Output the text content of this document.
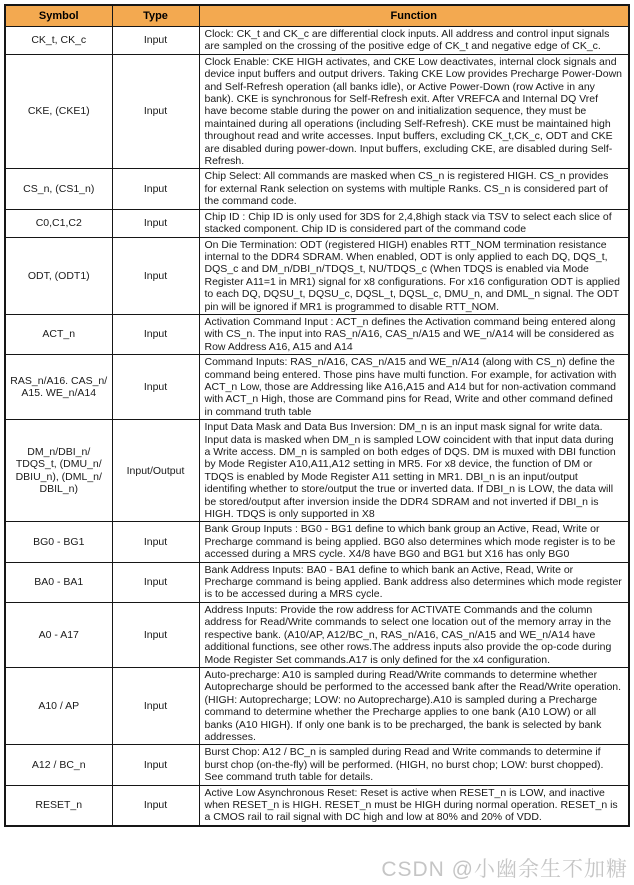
Symbol	Type	Function
CK_t, CK_c	Input	Clock: CK_t and CK_c are differential clock inputs. All address and control input signals are sampled on the crossing of the positive edge of CK_t and negative edge of CK_c.
CKE, (CKE1)	Input	Clock Enable: CKE HIGH activates, and CKE Low deactivates, internal clock signals and device input buffers and output drivers. Taking CKE Low provides Precharge Power-Down and Self-Refresh operation (all banks idle), or Active Power-Down (row Active in any bank). CKE is synchronous for Self-Refresh exit. After VREFCA and Internal DQ Vref have become stable during the power on and initialization sequence, they must be maintained during all operations (including Self-Refresh). CKE must be maintained high throughout read and write accesses. Input buffers, excluding CK_t,CK_c, ODT and CKE are disabled during power-down. Input buffers, excluding CKE, are disabled during Self-Refresh.
CS_n, (CS1_n)	Input	Chip Select: All commands are masked when CS_n is registered HIGH. CS_n provides for external Rank selection on systems with multiple Ranks. CS_n is considered part of the command code.
C0,C1,C2	Input	Chip ID : Chip ID is only used for 3DS for 2,4,8high stack via TSV to select each slice of stacked component. Chip ID is considered part of the command code
ODT, (ODT1)	Input	On Die Termination: ODT (registered HIGH) enables RTT_NOM termination resistance internal to the DDR4 SDRAM. When enabled, ODT is only applied to each DQ, DQS_t, DQS_c and DM_n/DBI_n/TDQS_t, NU/TDQS_c (When TDQS is enabled via Mode Register A11=1 in MR1) signal for x8 configurations. For x16 configuration ODT is applied to each DQ, DQSU_t, DQSU_c, DQSL_t, DQSL_c, DMU_n, and DML_n signal. The ODT pin will be ignored if MR1 is programmed to disable RTT_NOM.
ACT_n	Input	Activation Command Input : ACT_n defines the Activation command being entered along with CS_n. The input into RAS_n/A16, CAS_n/A15 and WE_n/A14 will be considered as Row Address A16, A15 and A14
RAS_n/A16. CAS_n/ A15. WE_n/A14	Input	Command Inputs: RAS_n/A16, CAS_n/A15 and WE_n/A14 (along with CS_n) define the command being entered. Those pins have multi function. For example, for activation with ACT_n Low, those are Addressing like A16,A15 and A14 but for non-activation command with ACT_n High, those are Command pins for Read, Write and other command defined in command truth table
DM_n/DBI_n/ TDQS_t, (DMU_n/ DBIU_n), (DML_n/ DBIL_n)	Input/Output	Input Data Mask and Data Bus Inversion: DM_n is an input mask signal for write data. Input data is masked when DM_n is sampled LOW coincident with that input data during a Write access. DM_n is sampled on both edges of DQS. DM is muxed with DBI function by Mode Register A10,A11,A12 setting in MR5. For x8 device, the function of DM or TDQS is enabled by Mode Register A11 setting in MR1. DBI_n is an input/output identifing whether to store/output the true or inverted data. If DBI_n is LOW, the data will be stored/output after inversion inside the DDR4 SDRAM and not inverted if DBI_n is HIGH. TDQS is only supported in X8
BG0 - BG1	Input	Bank Group Inputs : BG0 - BG1 define to which bank group an Active, Read, Write or Precharge command is being applied. BG0 also determines which mode register is to be accessed during a MRS cycle. X4/8 have BG0 and BG1 but X16 has only BG0
BA0 - BA1	Input	Bank Address Inputs: BA0 - BA1 define to which bank an Active, Read, Write or Precharge command is being applied. Bank address also determines which mode register is to be accessed during a MRS cycle.
A0 - A17	Input	Address Inputs: Provide the row address for ACTIVATE Commands and the column address for Read/Write commands to select one location out of the memory array in the respective bank. (A10/AP, A12/BC_n, RAS_n/A16, CAS_n/A15 and WE_n/A14 have additional functions, see other rows.The address inputs also provide the op-code during Mode Register Set commands.A17 is only defined for the x4 configuration.
A10 / AP	Input	Auto-precharge: A10 is sampled during Read/Write commands to determine whether Autoprecharge should be performed to the accessed bank after the Read/Write operation. (HIGH: Autoprecharge; LOW: no Autoprecharge).A10 is sampled during a Precharge command to determine whether the Precharge applies to one bank (A10 LOW) or all banks (A10 HIGH). If only one bank is to be precharged, the bank is selected by bank addresses.
A12 / BC_n	Input	Burst Chop: A12 / BC_n is sampled during Read and Write commands to determine if burst chop (on-the-fly) will be performed. (HIGH, no burst chop; LOW: burst chopped). See command truth table for details.
RESET_n	Input	Active Low Asynchronous Reset: Reset is active when RESET_n is LOW, and inactive when RESET_n is HIGH. RESET_n must be HIGH during normal operation. RESET_n is a CMOS rail to rail signal with DC high and low at 80% and 20% of VDD.
CSDN @小幽余生不加糖
